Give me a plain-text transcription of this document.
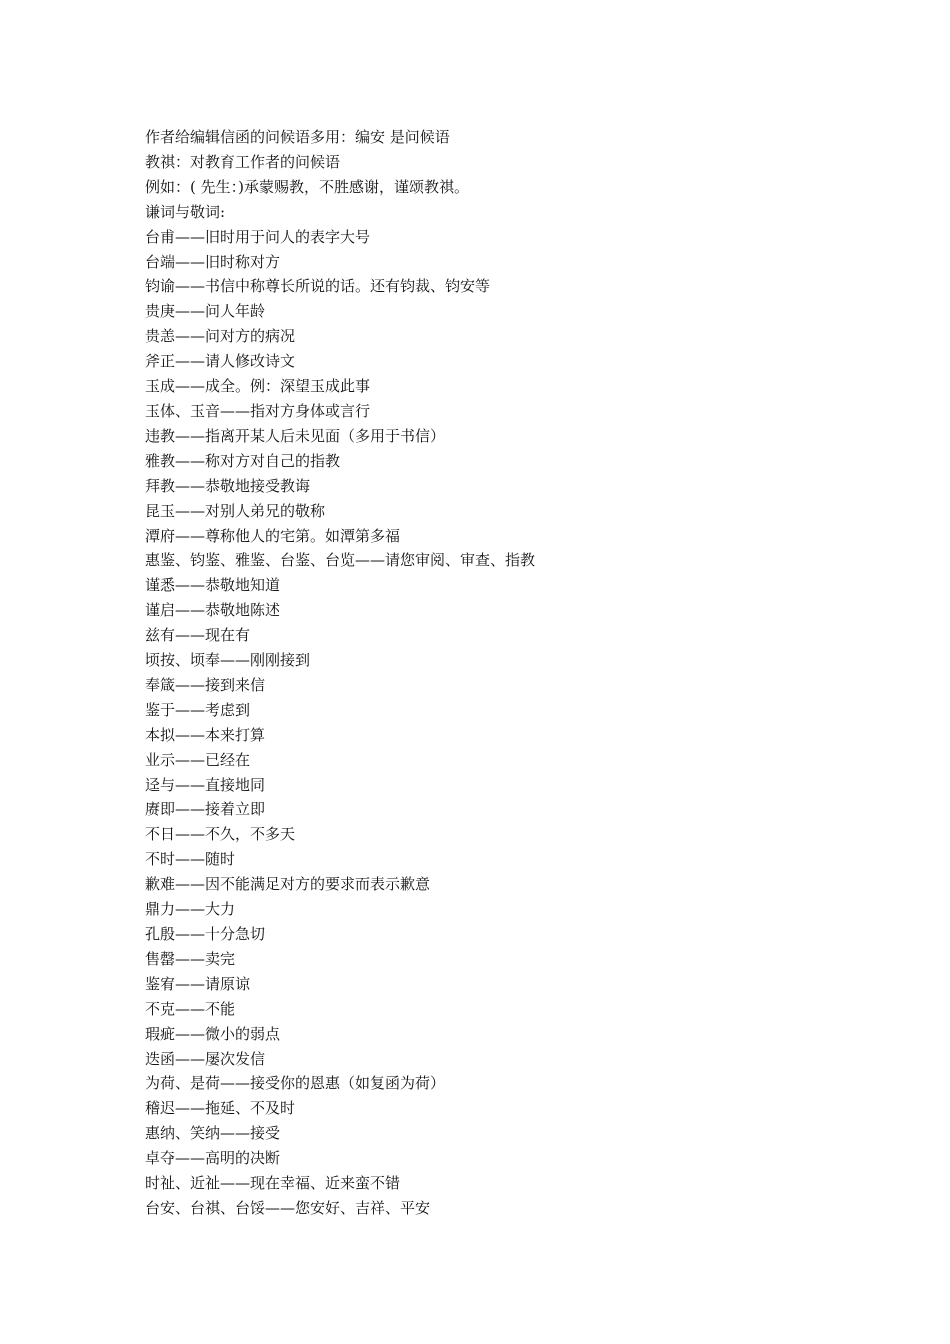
作者给编辑信函的问候语多用：编安 是问候语

教祺：对教育工作者的问候语

例如：( 先生：)承蒙赐教，不胜感谢，谨颂教祺。

谦词与敬词:

台甫——旧时用于问人的表字大号

台端——旧时称对方

钧谕——书信中称尊长所说的话。还有钧裁、钧安等

贵庚——问人年龄

贵恙——问对方的病况

斧正——请人修改诗文

玉成——成全。例：深望玉成此事

玉体、玉音——指对方身体或言行

违教——指离开某人后未见面（多用于书信）

雅教——称对方对自己的指教

拜教——恭敬地接受教诲

昆玉——对别人弟兄的敬称

潭府——尊称他人的宅第。如潭第多福

惠鉴、钧鉴、雅鉴、台鉴、台览——请您审阅、审查、指教

谨悉——恭敬地知道

谨启——恭敬地陈述

兹有——现在有

顷按、顷奉——刚刚接到

奉箴——接到来信

鉴于——考虑到

本拟——本来打算

业示——已经在

迳与——直接地同

赓即——接着立即

不日——不久，不多天

不时——随时

歉难——因不能满足对方的要求而表示歉意

鼎力——大力

孔殷——十分急切

售罄——卖完

鉴宥——请原谅

不克——不能

瑕疵——微小的弱点

迭函——屡次发信

为荷、是荷——接受你的恩惠（如复函为荷）

稽迟——拖延、不及时

惠纳、笑纳——接受

卓夺——高明的决断

时祉、近祉——现在幸福、近来蛮不错

台安、台祺、台馁——您安好、吉祥、平安
